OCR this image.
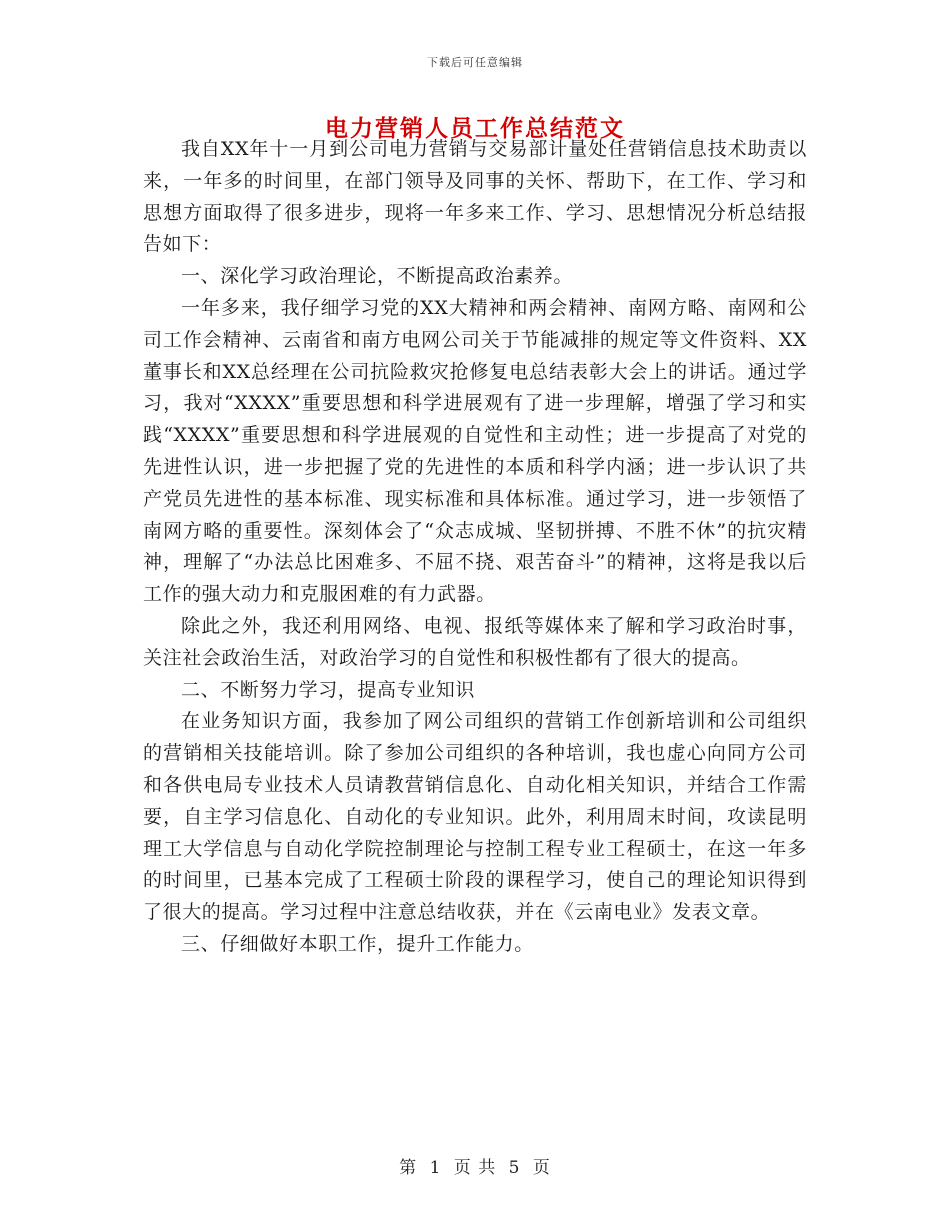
下载后可任意编辑
电力营销人员工作总结范文

我自XX年十一月到公司电力营销与交易部计量处任营销信息技术助责以来，一年多的时间里，在部门领导及同事的关怀、帮助下，在工作、学习和思想方面取得了很多进步，现将一年多来工作、学习、思想情况分析总结报告如下：

一、深化学习政治理论，不断提高政治素养。

一年多来，我仔细学习党的XX大精神和两会精神、南网方略、南网和公司工作会精神、云南省和南方电网公司关于节能减排的规定等文件资料、XX董事长和XX总经理在公司抗险救灾抢修复电总结表彰大会上的讲话。通过学习，我对“XXXX”重要思想和科学进展观有了进一步理解，增强了学习和实践“XXXX”重要思想和科学进展观的自觉性和主动性；进一步提高了对党的先进性认识，进一步把握了党的先进性的本质和科学内涵；进一步认识了共产党员先进性的基本标准、现实标准和具体标准。通过学习，进一步领悟了南网方略的重要性。深刻体会了“众志成城、坚韧拼搏、不胜不休”的抗灾精神，理解了“办法总比困难多、不屈不挠、艰苦奋斗”的精神，这将是我以后工作的强大动力和克服困难的有力武器。

除此之外，我还利用网络、电视、报纸等媒体来了解和学习政治时事，关注社会政治生活，对政治学习的自觉性和积极性都有了很大的提高。

二、不断努力学习，提高专业知识

在业务知识方面，我参加了网公司组织的营销工作创新培训和公司组织的营销相关技能培训。除了参加公司组织的各种培训，我也虚心向同方公司和各供电局专业技术人员请教营销信息化、自动化相关知识，并结合工作需要，自主学习信息化、自动化的专业知识。此外，利用周末时间，攻读昆明理工大学信息与自动化学院控制理论与控制工程专业工程硕士，在这一年多的时间里，已基本完成了工程硕士阶段的课程学习，使自己的理论知识得到了很大的提高。学习过程中注意总结收获，并在《云南电业》发表文章。

三、仔细做好本职工作，提升工作能力。

第 1 页 共 5 页
